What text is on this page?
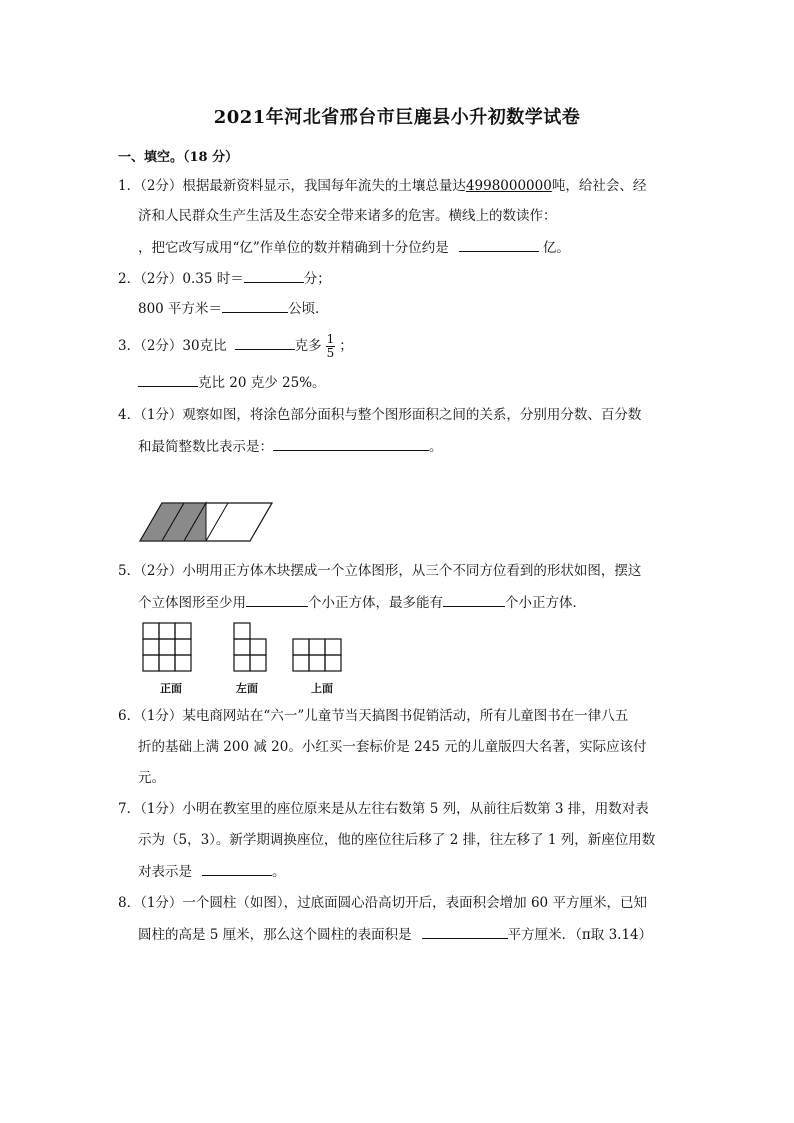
2021年河北省邢台市巨鹿县小升初数学试卷
一、填空。（18 分）
1．（2分）根据最新资料显示，我国每年流失的土壤总量达4998000000吨，给社会、经
济和人民群众生产生活及生态安全带来诸多的危害。横线上的数读作：
，把它改写成用“亿”作单位的数并精确到十分位约是	亿。
2．（2分）0.35 时＝	分；
800 平方米＝	公顷．
3．（2分）30克比	克多 $\frac{1}{5}$ ；
克比 20 克少 25%。
4．（1分）观察如图，将涂色部分面积与整个图形面积之间的关系，分别用分数、百分数
和最简整数比表示是：	。
5．（2分）小明用正方体木块摆成一个立体图形，从三个不同方位看到的形状如图，摆这
个立体图形至少用	个小正方体，最多能有	个小正方体．
正面	左面	上面
6．（1分）某电商网站在“六一”儿童节当天搞图书促销活动，所有儿童图书在一律八五
折的基础上满 200 减 20。小红买一套标价是 245 元的儿童版四大名著，实际应该付
元。
7．（1分）小明在教室里的座位原来是从左往右数第 5 列，从前往后数第 3 排，用数对表
示为（5，3）。新学期调换座位，他的座位往后移了 2 排，往左移了 1 列，新座位用数
对表示是	。
8．（1分）一个圆柱（如图），过底面圆心沿高切开后，表面积会增加 60 平方厘米，已知
圆柱的高是 5 厘米，那么这个圆柱的表面积是	平方厘米．（π取 3.14）
